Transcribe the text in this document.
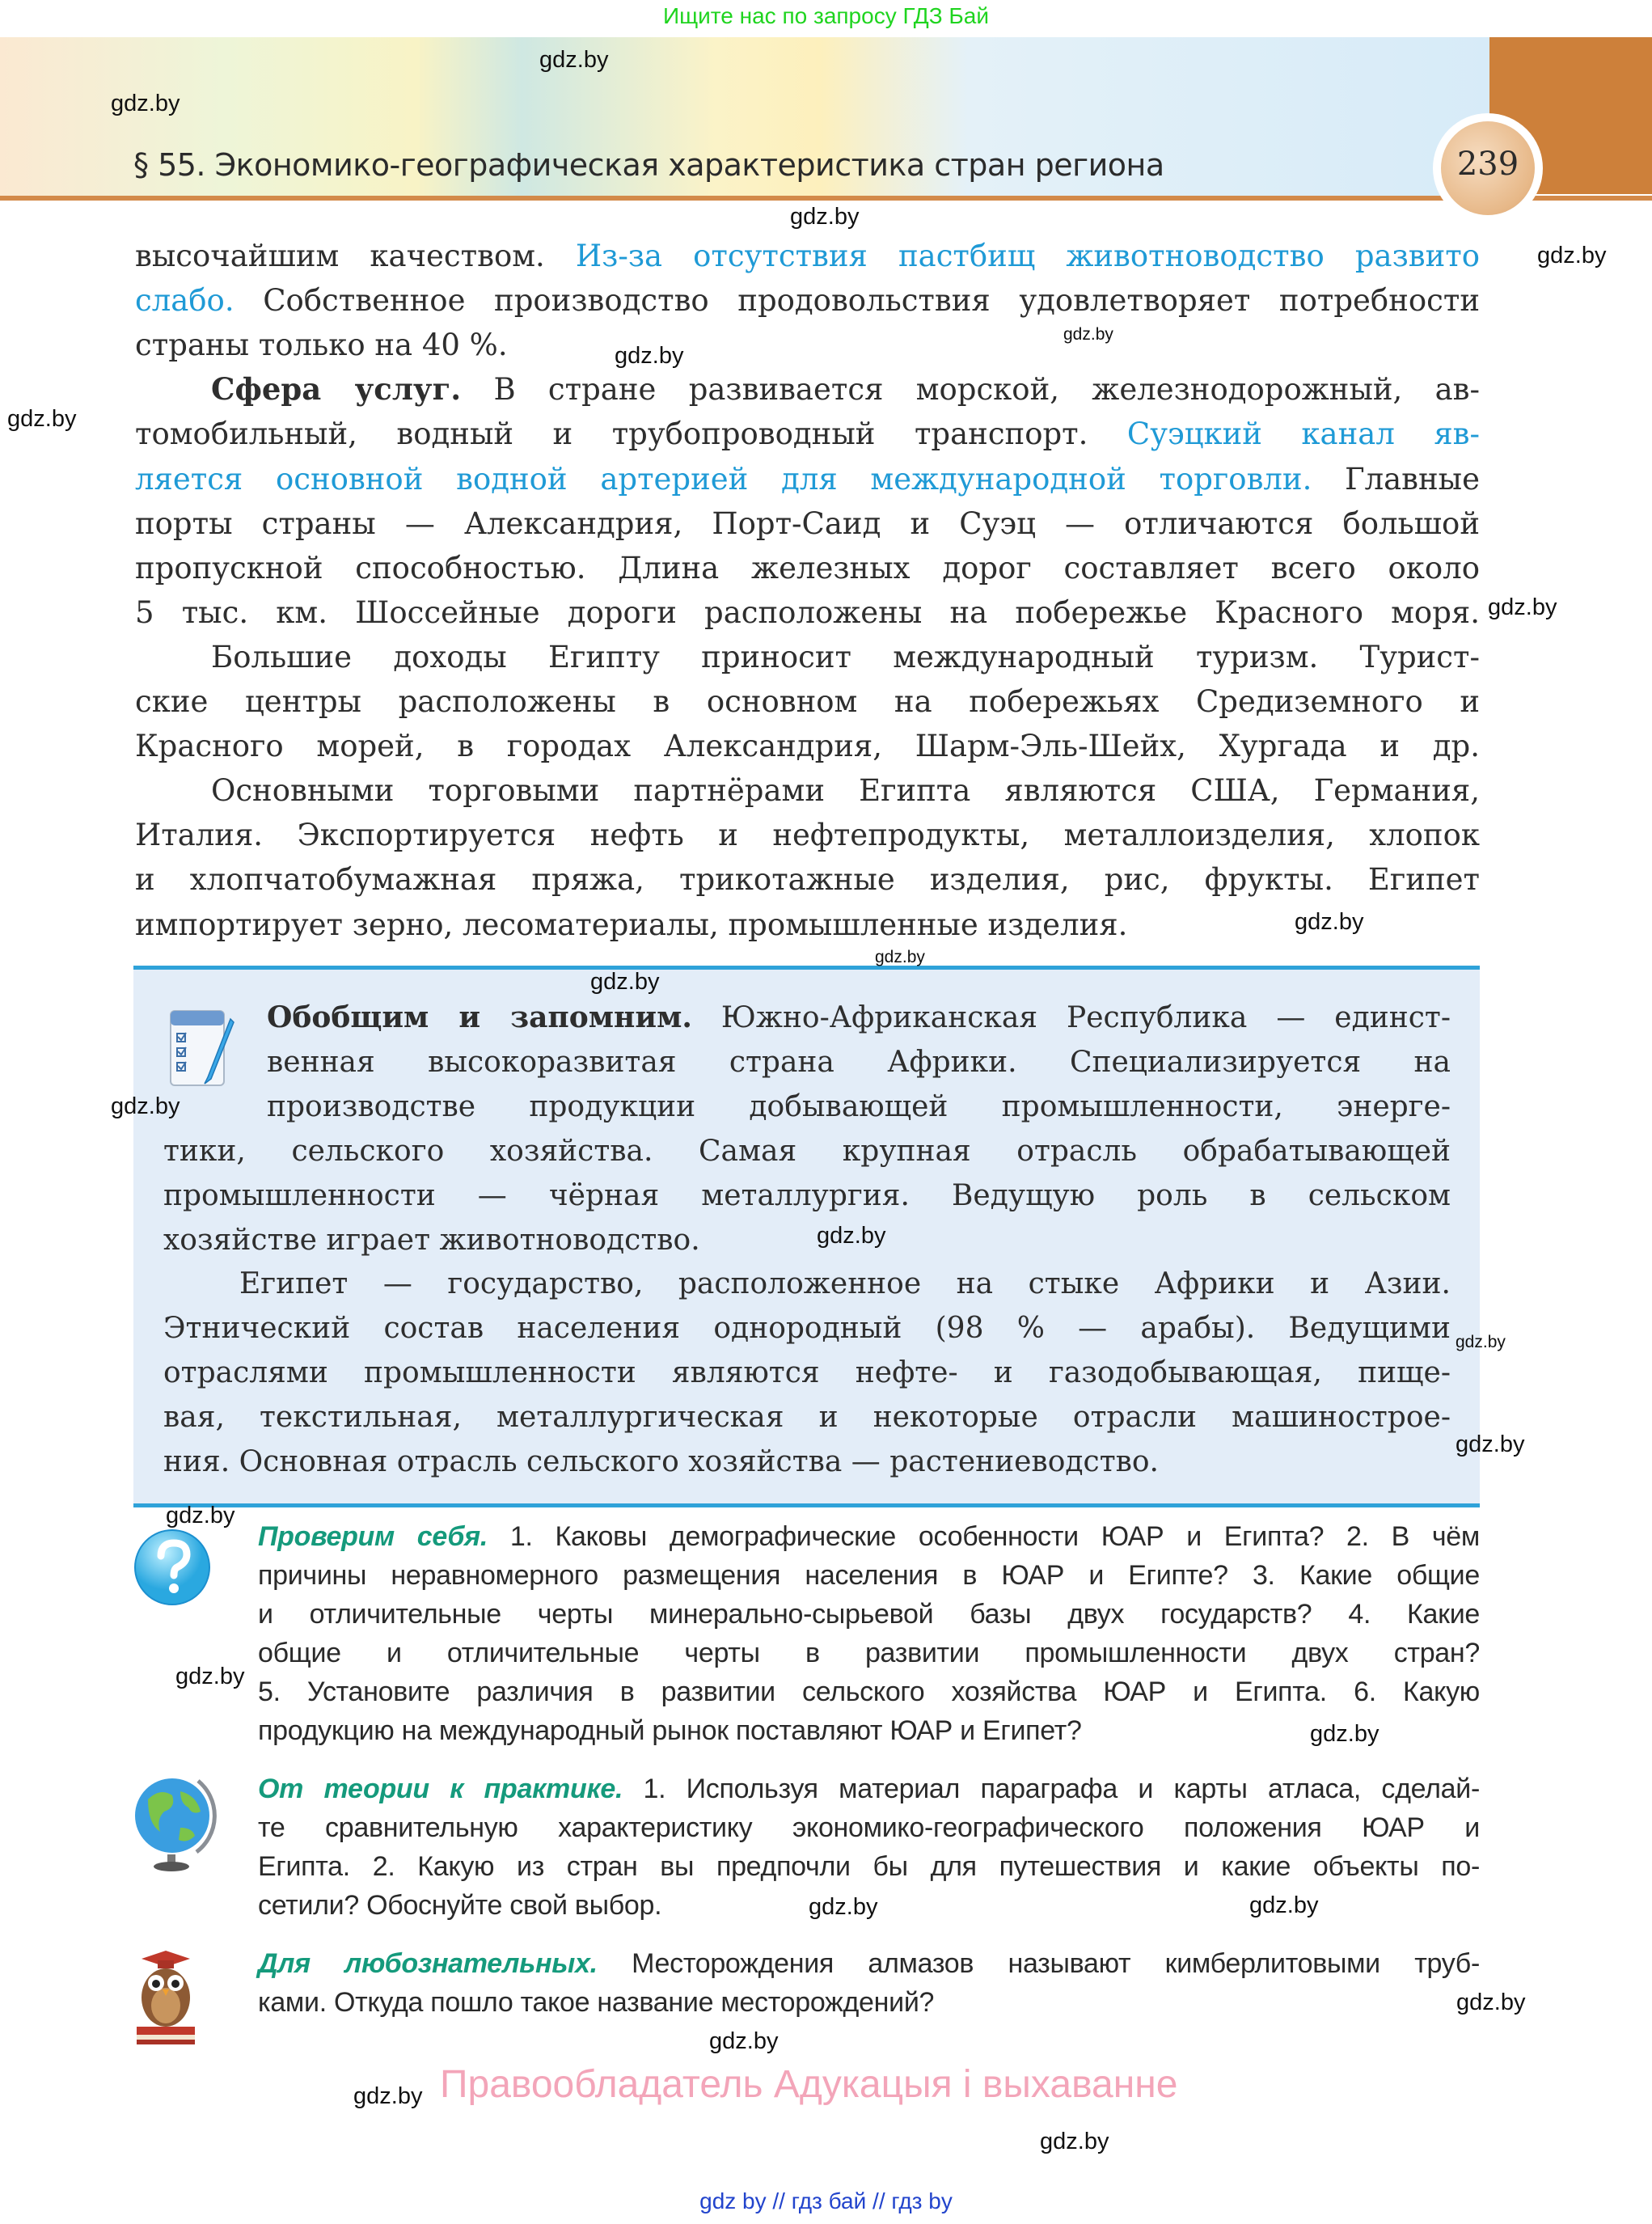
Ищите нас по запросу ГДЗ Бай
§ 55. Экономико-географическая характеристика стран региона	239
высочайшим качеством. Из-за отсутствия пастбищ животноводство развито
слабо. Собственное производство продовольствия удовлетворяет потребности
страны только на 40 %.
Сфера услуг. В стране развивается морской, железнодорожный, ав-
томобильный, водный и трубопроводный транспорт. Суэцкий канал яв-
ляется основной водной артерией для международной торговли. Главные
порты страны — Александрия, Порт-Саид и Суэц — отличаются большой
пропускной способностью. Длина железных дорог составляет всего около
5 тыс. км. Шоссейные дороги расположены на побережье Красного моря.
Большие доходы Египту приносит международный туризм. Турист-
ские центры расположены в основном на побережьях Средиземного и
Красного морей, в городах Александрия, Шарм-Эль-Шейх, Хургада и др.
Основными торговыми партнёрами Египта являются США, Германия,
Италия. Экспортируется нефть и нефтепродукты, металлоизделия, хлопок
и хлопчатобумажная пряжа, трикотажные изделия, рис, фрукты. Египет
импортирует зерно, лесоматериалы, промышленные изделия.
Обобщим и запомним. Южно-Африканская Республика — единст-
венная высокоразвитая страна Африки. Специализируется на
производстве продукции добывающей промышленности, энерге-
тики, сельского хозяйства. Самая крупная отрасль обрабатывающей
промышленности — чёрная металлургия. Ведущую роль в сельском
хозяйстве играет животноводство.
Египет — государство, расположенное на стыке Африки и Азии.
Этнический состав населения однородный (98 % — арабы). Ведущими
отраслями промышленности являются нефте- и газодобывающая, пище-
вая, текстильная, металлургическая и некоторые отрасли машинострое-
ния. Основная отрасль сельского хозяйства — растениеводство.
Проверим себя. 1. Каковы демографические особенности ЮАР и Египта? 2. В чём
причины неравномерного размещения населения в ЮАР и Египте? 3. Какие общие
и отличительные черты минерально-сырьевой базы двух государств? 4. Какие
общие и отличительные черты в развитии промышленности двух стран?
5. Установите различия в развитии сельского хозяйства ЮАР и Египта. 6. Какую
продукцию на международный рынок поставляют ЮАР и Египет?
От теории к практике. 1. Используя материал параграфа и карты атласа, сделай-
те сравнительную характеристику экономико-географического положения ЮАР и
Египта. 2. Какую из стран вы предпочли бы для путешествия и какие объекты по-
сетили? Обоснуйте свой выбор.
Для любознательных. Месторождения алмазов называют кимберлитовыми труб-
ками. Откуда пошло такое название месторождений?
gdz.by
gdz.by
gdz.by
gdz.by
gdz.by
gdz.by
gdz.by
gdz.by
gdz.by
gdz.by
gdz.by
gdz.by
gdz.by
gdz.by
gdz.by
gdz.by
gdz.by
gdz.by
gdz.by
gdz.by
gdz.by
gdz.by
gdz.by
gdz.by
Правообладатель Адукацыя і выхаванне
gdz by // гдз бай // гдз by
